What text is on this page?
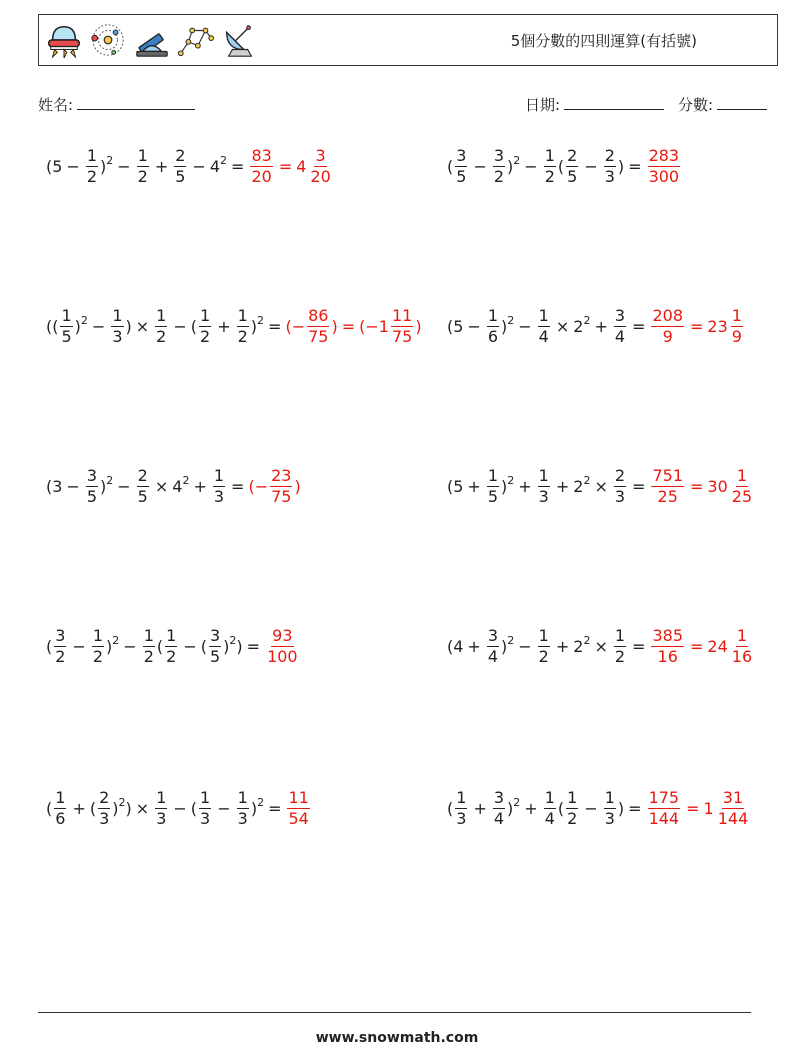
5個分數的四則運算(有括號)
姓名:	日期:	分數:
$(5 - \frac{1}{2} )^2 - \frac{1}{2} + \frac{2}{5} - 4^2 = \frac{83}{20} = 4 \frac{3}{20}$	( $\frac{3}{5} - \frac{3}{2} )^2 - \frac{1}{2}$ ( $\frac{2}{5} - \frac{2}{3}$ ) = $\frac{283}{300}$
(( $\frac{1}{5} )^2 - \frac{1}{3}$ ) × $\frac{1}{2}$ − ( $\frac{1}{2} + \frac{1}{2} )^2$ = (− $\frac{86}{75}$ ) = ($-1 \frac{11}{75}$ ) $(5 - \frac{1}{6} )^2 - \frac{1}{4} \times 2^2 + \frac{3}{4} = \frac{208}{9} = 23 \frac{1}{9}$
$(3 - \frac{3}{5} )^2 - \frac{2}{5} \times 4^2 + \frac{1}{3}$ = (− $\frac{23}{75}$ )	$(5 + \frac{1}{5} )^2 + \frac{1}{3} + 2^2 \times \frac{2}{3} = \frac{751}{25} = 30 \frac{1}{25}$
( $\frac{3}{2} - \frac{1}{2} )^2 - \frac{1}{2}$ ( $\frac{1}{2}$ − ( $\frac{3}{5} )^2$ ) = $\frac{93}{100}$	$(4 + \frac{3}{4} )^2 - \frac{1}{2} + 2^2 \times \frac{1}{2} = \frac{385}{16} = 24 \frac{1}{16}$
( $\frac{1}{6}$ + ( $\frac{2}{3} )^2$ ) × $\frac{1}{3}$ − ( $\frac{1}{3} - \frac{1}{3} )^2 = \frac{11}{54}$	( $\frac{1}{3} + \frac{3}{4} )^2 + \frac{1}{4}$ ( $\frac{1}{2} - \frac{1}{3}$ ) = $\frac{175}{144} = 1 \frac{31}{144}$
www.snowmath.com
